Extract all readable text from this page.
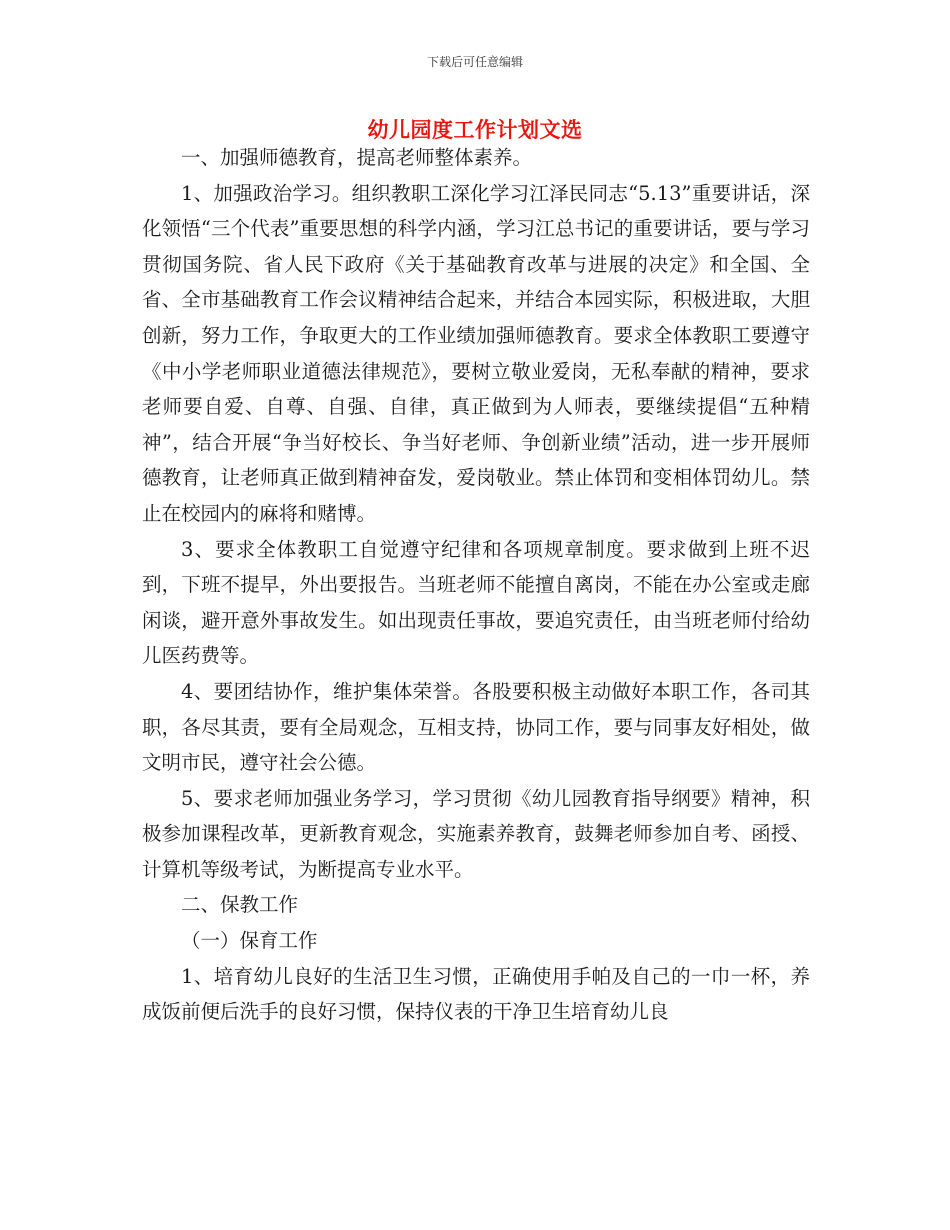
下载后可任意编辑
幼儿园度工作计划文选

一、加强师德教育，提高老师整体素养。

1、加强政治学习。组织教职工深化学习江泽民同志“5.13”重要讲话，深化领悟“三个代表”重要思想的科学内涵，学习江总书记的重要讲话，要与学习贯彻国务院、省人民下政府《关于基础教育改革与进展的决定》和全国、全省、全市基础教育工作会议精神结合起来，并结合本园实际，积极进取，大胆创新，努力工作，争取更大的工作业绩加强师德教育。要求全体教职工要遵守《中小学老师职业道德法律规范》，要树立敬业爱岗，无私奉献的精神，要求老师要自爱、自尊、自强、自律，真正做到为人师表，要继续提倡“五种精神”，结合开展“争当好校长、争当好老师、争创新业绩”活动，进一步开展师德教育，让老师真正做到精神奋发，爱岗敬业。禁止体罚和变相体罚幼儿。禁止在校园内的麻将和赌博。

3、要求全体教职工自觉遵守纪律和各项规章制度。要求做到上班不迟到，下班不提早，外出要报告。当班老师不能擅自离岗，不能在办公室或走廊闲谈，避开意外事故发生。如出现责任事故，要追究责任，由当班老师付给幼儿医药费等。

4、要团结协作，维护集体荣誉。各股要积极主动做好本职工作，各司其职，各尽其责，要有全局观念，互相支持，协同工作，要与同事友好相处，做文明市民，遵守社会公德。

5、要求老师加强业务学习，学习贯彻《幼儿园教育指导纲要》精神，积极参加课程改革，更新教育观念，实施素养教育，鼓舞老师参加自考、函授、计算机等级考试，为断提高专业水平。

二、保教工作

（一）保育工作

1、培育幼儿良好的生活卫生习惯，正确使用手帕及自己的一巾一杯，养成饭前便后洗手的良好习惯，保持仪表的干净卫生培育幼儿良
